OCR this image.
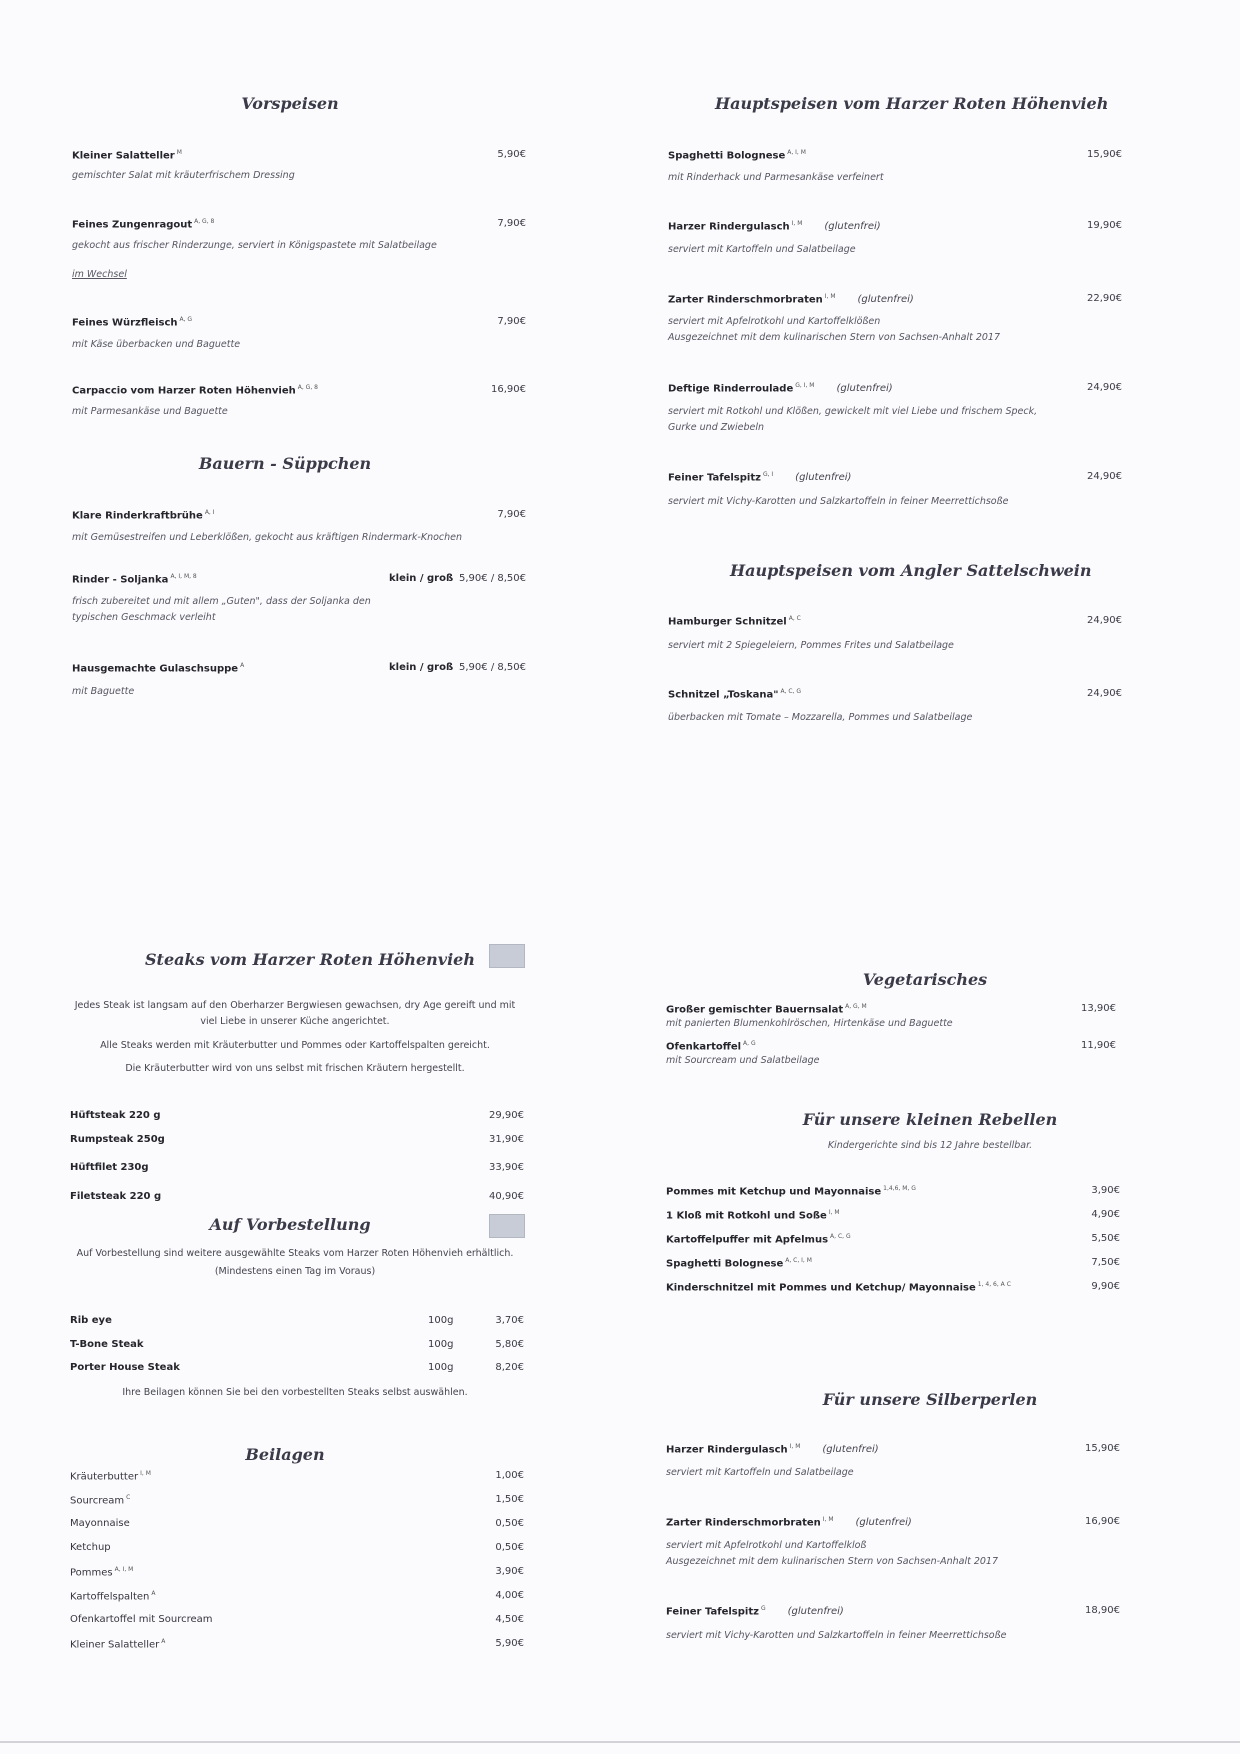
Vorspeisen
Kleiner Salatteller $^M$	5,90€
gemischter Salat mit kräuterfrischem Dressing
Feines Zungenragout $^{A, G, 8}$	7,90€
gekocht aus frischer Rinderzunge, serviert in Königspastete mit Salatbeilage
im Wechsel
Feines Würzfleisch $^{A, G}$	7,90€
mit Käse überbacken und Baguette
Carpaccio vom Harzer Roten Höhenvieh $^{A, G, 8}$	16,90€
mit Parmesankäse und Baguette
Bauern - Süppchen
Klare Rinderkraftbrühe $^{A, I}$	7,90€
mit Gemüsestreifen und Leberklößen, gekocht aus kräftigen Rindermark-Knochen
Rinder - Soljanka $^{A, I, M, 8}$	klein / groß 5,90€ / 8,50€
frisch zubereitet und mit allem „Guten", dass der Soljanka den
typischen Geschmack verleiht
Hausgemachte Gulaschsuppe $^A$	klein / groß 5,90€ / 8,50€
mit Baguette
Hauptspeisen vom Harzer Roten Höhenvieh
Spaghetti Bolognese $^{A, I, M}$	15,90€
mit Rinderhack und Parmesankäse verfeinert
Harzer Rindergulasch $^{I, M}$ (glutenfrei)	19,90€
serviert mit Kartoffeln und Salatbeilage
Zarter Rinderschmorbraten $^{I, M}$ (glutenfrei)	22,90€
serviert mit Apfelrotkohl und Kartoffelklößen
Ausgezeichnet mit dem kulinarischen Stern von Sachsen-Anhalt 2017
Deftige Rinderroulade $^{G, I, M}$ (glutenfrei)	24,90€
serviert mit Rotkohl und Klößen, gewickelt mit viel Liebe und frischem Speck,
Gurke und Zwiebeln
Feiner Tafelspitz $^{G, I}$ (glutenfrei)	24,90€
serviert mit Vichy-Karotten und Salzkartoffeln in feiner Meerrettichsoße
Hauptspeisen vom Angler Sattelschwein
Hamburger Schnitzel $^{A, C}$	24,90€
serviert mit 2 Spiegeleiern, Pommes Frites und Salatbeilage
Schnitzel „Toskana" $^{A, C, G}$	24,90€
überbacken mit Tomate – Mozzarella, Pommes und Salatbeilage
Steaks vom Harzer Roten Höhenvieh
Jedes Steak ist langsam auf den Oberharzer Bergwiesen gewachsen, dry Age gereift und mit
viel Liebe in unserer Küche angerichtet.
Alle Steaks werden mit Kräuterbutter und Pommes oder Kartoffelspalten gereicht.
Die Kräuterbutter wird von uns selbst mit frischen Kräutern hergestellt.
Hüftsteak 220 g	29,90€
Rumpsteak 250g	31,90€
Hüftfilet 230g	33,90€
Filetsteak 220 g	40,90€
Auf Vorbestellung
Auf Vorbestellung sind weitere ausgewählte Steaks vom Harzer Roten Höhenvieh erhältlich.
(Mindestens einen Tag im Voraus)
Rib eye	100g	3,70€
T-Bone Steak	100g	5,80€
Porter House Steak	100g	8,20€
Ihre Beilagen können Sie bei den vorbestellten Steaks selbst auswählen.
Beilagen
Kräuterbutter $^{I, M}$	1,00€
Sourcream $^C$	1,50€
Mayonnaise	0,50€
Ketchup	0,50€
Pommes $^{A, I, M}$	3,90€
Kartoffelspalten $^A$	4,00€
Ofenkartoffel mit Sourcream	4,50€
Kleiner Salatteller $^A$	5,90€
Vegetarisches
Großer gemischter Bauernsalat $^{A, G, M}$	13,90€
mit panierten Blumenkohlröschen, Hirtenkäse und Baguette
Ofenkartoffel $^{A, G}$	11,90€
mit Sourcream und Salatbeilage
Für unsere kleinen Rebellen
Kindergerichte sind bis 12 Jahre bestellbar.
Pommes mit Ketchup und Mayonnaise $^{1,4,6, M, G}$	3,90€
1 Kloß mit Rotkohl und Soße $^{I, M}$	4,90€
Kartoffelpuffer mit Apfelmus $^{A, C, G}$	5,50€
Spaghetti Bolognese $^{A, C, I, M}$	7,50€
Kinderschnitzel mit Pommes und Ketchup/ Mayonnaise $^{1, 4, 6, A C}$	9,90€
Für unsere Silberperlen
Harzer Rindergulasch $^{I, M}$ (glutenfrei)	15,90€
serviert mit Kartoffeln und Salatbeilage
Zarter Rinderschmorbraten $^{I, M}$ (glutenfrei)	16,90€
serviert mit Apfelrotkohl und Kartoffelkloß
Ausgezeichnet mit dem kulinarischen Stern von Sachsen-Anhalt 2017
Feiner Tafelspitz $^G$ (glutenfrei)	18,90€
serviert mit Vichy-Karotten und Salzkartoffeln in feiner Meerrettichsoße
